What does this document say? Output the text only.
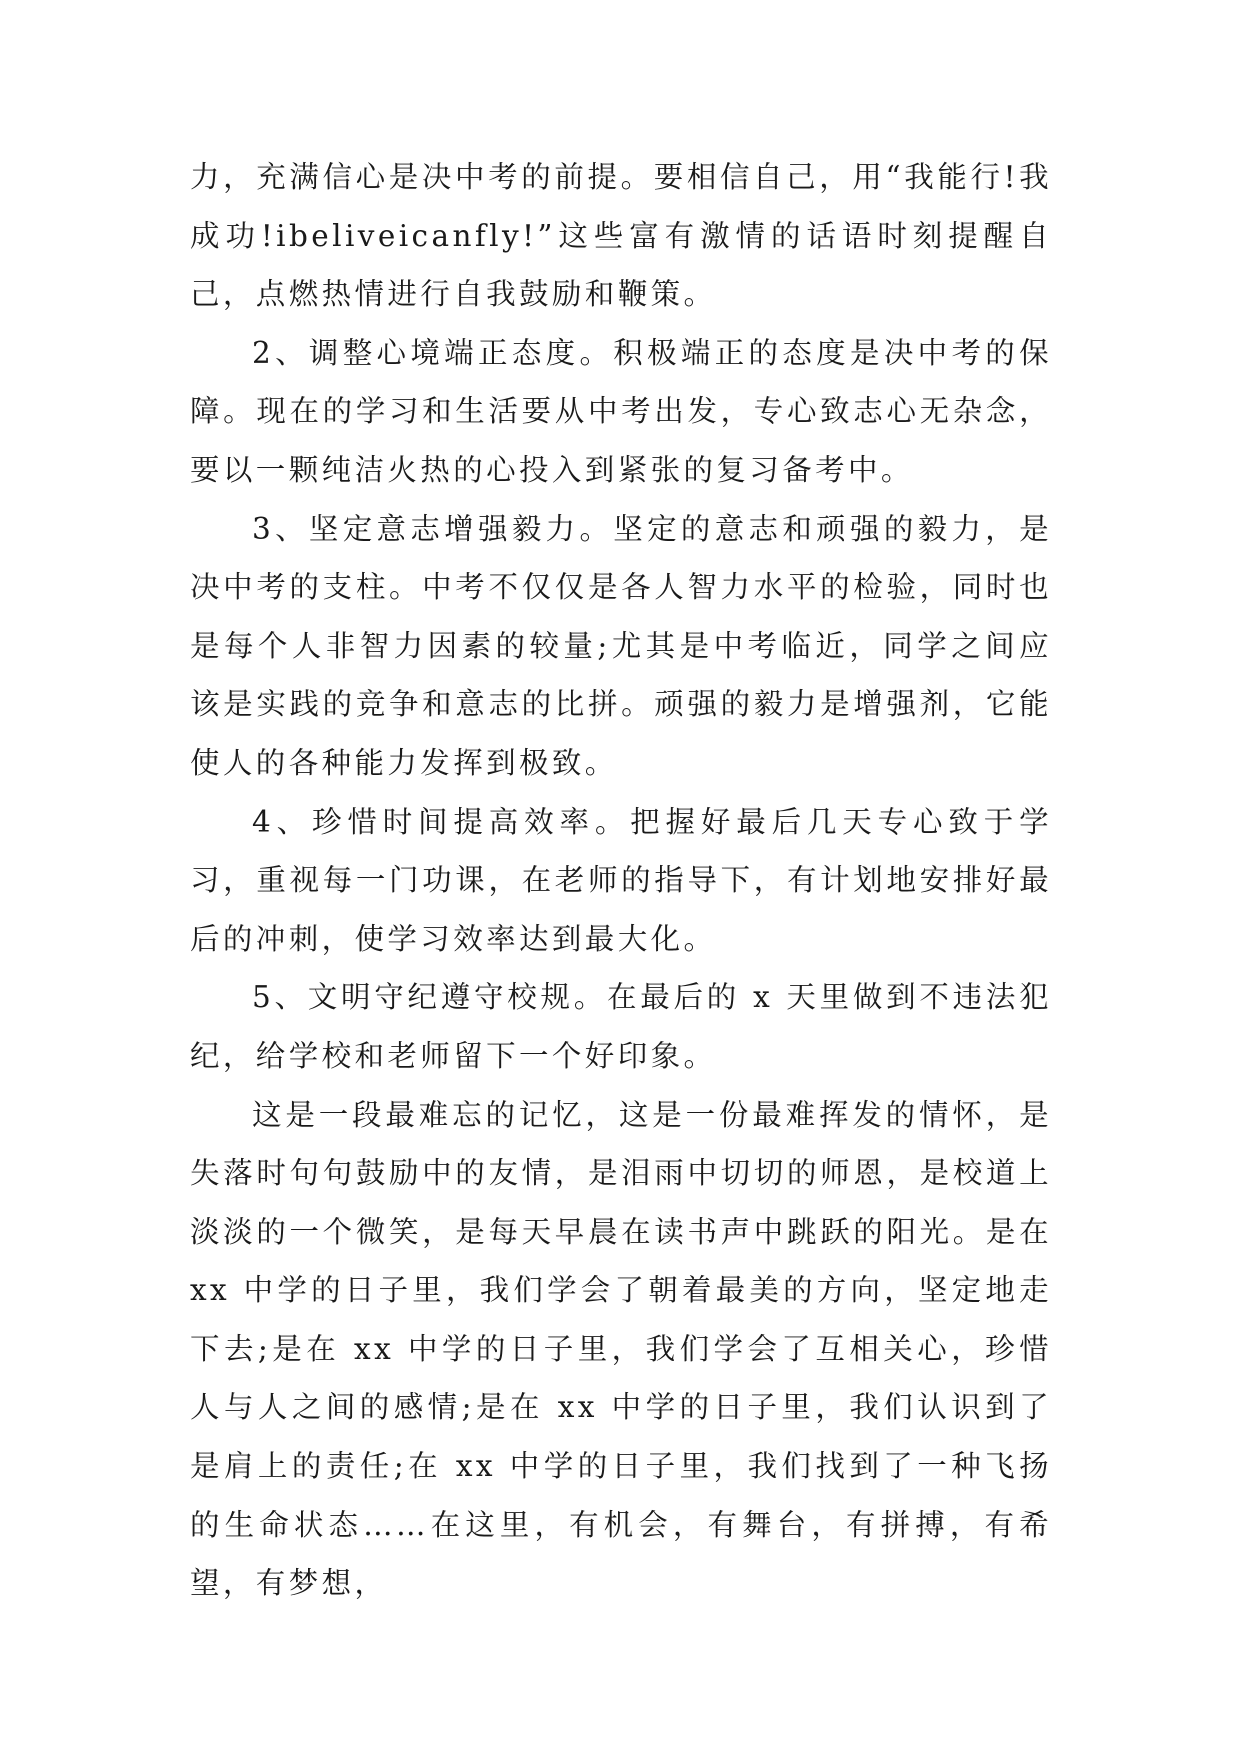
力，充满信心是决中考的前提。要相信自己，用“我能行!我成功!ibeliveicanfly!”这些富有激情的话语时刻提醒自己，点燃热情进行自我鼓励和鞭策。

2、调整心境端正态度。积极端正的态度是决中考的保障。现在的学习和生活要从中考出发，专心致志心无杂念，要以一颗纯洁火热的心投入到紧张的复习备考中。

3、坚定意志增强毅力。坚定的意志和顽强的毅力，是决中考的支柱。中考不仅仅是各人智力水平的检验，同时也是每个人非智力因素的较量;尤其是中考临近，同学之间应该是实践的竞争和意志的比拼。顽强的毅力是增强剂，它能使人的各种能力发挥到极致。

4、珍惜时间提高效率。把握好最后几天专心致于学习，重视每一门功课，在老师的指导下，有计划地安排好最后的冲刺，使学习效率达到最大化。

5、文明守纪遵守校规。在最后的 x 天里做到不违法犯纪，给学校和老师留下一个好印象。

这是一段最难忘的记忆，这是一份最难挥发的情怀，是失落时句句鼓励中的友情，是泪雨中切切的师恩，是校道上淡淡的一个微笑，是每天早晨在读书声中跳跃的阳光。是在 xx 中学的日子里，我们学会了朝着最美的方向，坚定地走下去;是在 xx 中学的日子里，我们学会了互相关心，珍惜人与人之间的感情;是在 xx 中学的日子里，我们认识到了是肩上的责任;在 xx 中学的日子里，我们找到了一种飞扬的生命状态……在这里，有机会，有舞台，有拼搏，有希望，有梦想，
